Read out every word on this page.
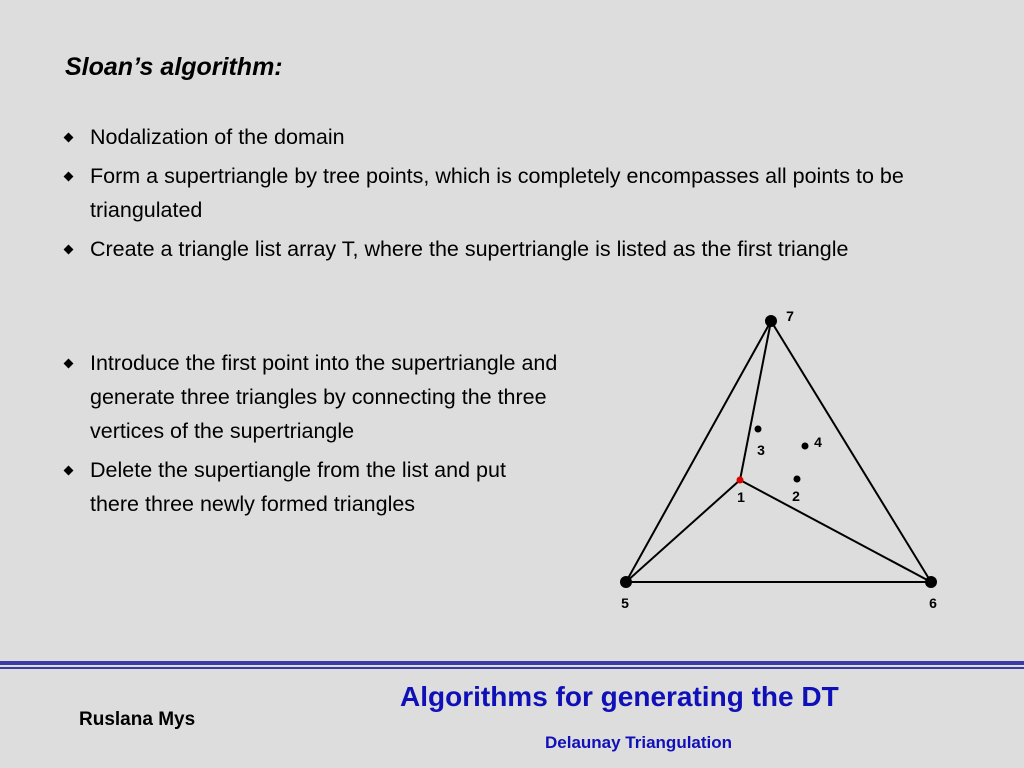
Sloan’s algorithm:
Nodalization of the domain
Form a supertriangle by tree points, which is completely encompasses all points to be triangulated
Create a triangle list array T, where the supertriangle is listed as the first triangle
Introduce the first point into the supertriangle and generate three triangles by connecting the three vertices of the supertriangle
Delete the supertiangle from the list and put there three newly formed triangles	1	2
3	4
5	6
7
Algorithms for generating the DT
Ruslana Mys
Delaunay Triangulation
